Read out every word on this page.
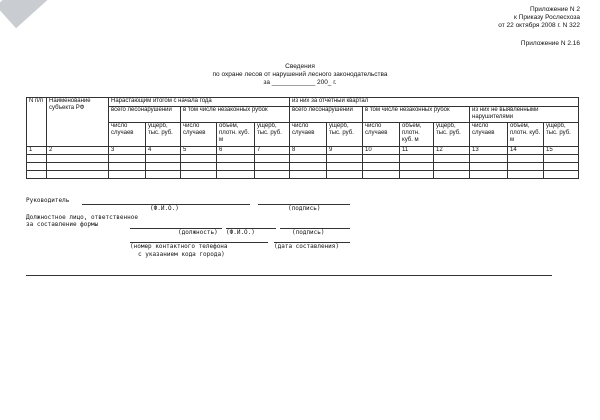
NoNumber.ru
Приложение N 2
к Приказу Рослесхоза
от 22 октября 2008 г. N 322
Приложение N 2.16
Сведения
по охране лесов от нарушений лесного законодательства
за ____________ 200_ г.
N п/п	Наименование субъекта РФ	Нарастающим итогом с начала года					из них за отчетный квартал							
		всего лесонарушений		в том числе незаконных рубок			всего лесонарушений		в том числе незаконных рубок			из них не выявленными нарушителями		
		число случаев	ущерб, тыс. руб.	число случаев	объем, плотн. куб. м	ущерб, тыс. руб.	число случаев	ущерб, тыс. руб.	число случаев	объем, плотн. куб. м	ущерб, тыс. руб.	число случаев	объем, плотн. куб. м	ущерб, тыс. руб.
1	2	3	4	5	6	7	8	9	10	11	12	13	14	15

Руководитель
(Ф.И.О.)	(подпись)
Должностное лицо, ответственное
за составление формы
(должность) (Ф.И.О.)	(подпись)
(номер контактного телефона
с указанием кода города)
(дата составления)
